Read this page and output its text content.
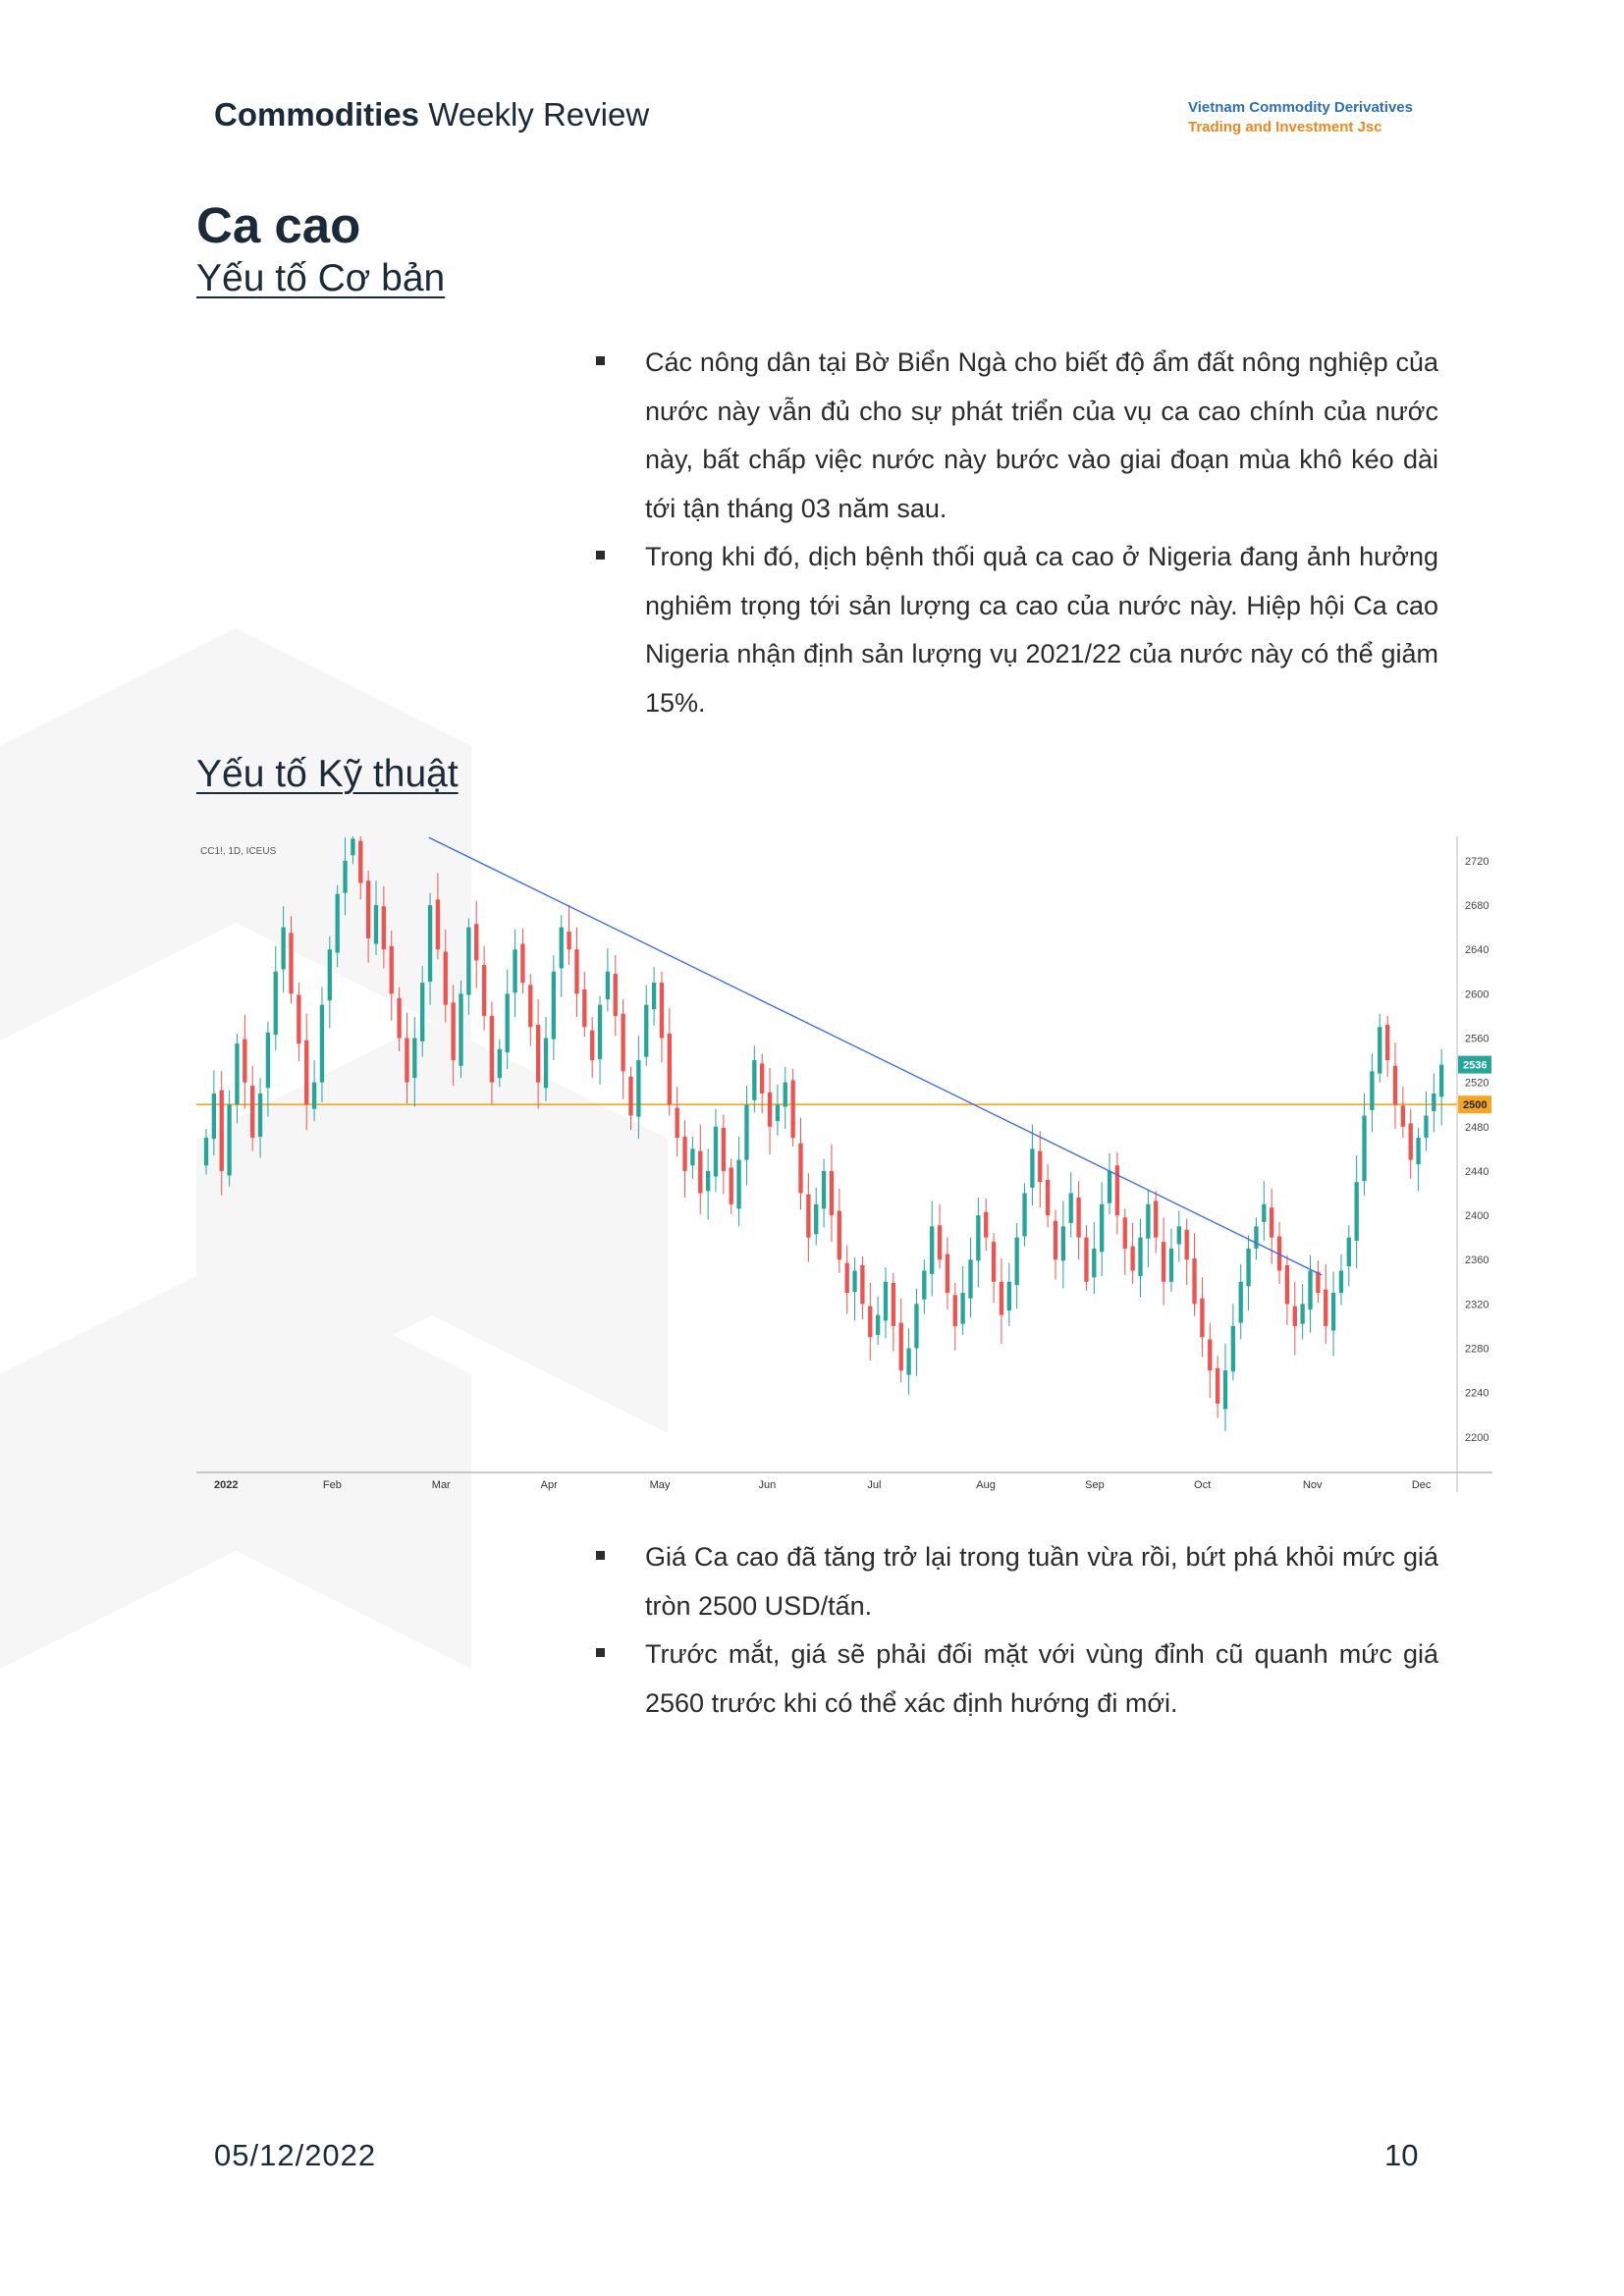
Commodities Weekly Review	Vietnam Commodity Derivatives
Trading and Investment Jsc
Ca cao
Yếu tố Cơ bản
Các nông dân tại Bờ Biển Ngà cho biết độ ẩm đất nông nghiệp của nước này vẫn đủ cho sự phát triển của vụ ca cao chính của nước này, bất chấp việc nước này bước vào giai đoạn mùa khô kéo dài tới tận tháng 03 năm sau.
Trong khi đó, dịch bệnh thối quả ca cao ở Nigeria đang ảnh hưởng nghiêm trọng tới sản lượng ca cao của nước này. Hiệp hội Ca cao Nigeria nhận định sản lượng vụ 2021/22 của nước này có thể giảm 15%.
Yếu tố Kỹ thuật
CC1!, 1D, ICEUS
2720
2680
2640
2600
2560
2520
2480
2440
2400
2360
2320
2280
2240
2200
2022	Feb	Mar	Apr	May	Jun	Jul	Aug	Sep	Oct	Nov	Dec
2536
2500
Giá Ca cao đã tăng trở lại trong tuần vừa rồi, bứt phá khỏi mức giá tròn 2500 USD/tấn.
Trước mắt, giá sẽ phải đối mặt với vùng đỉnh cũ quanh mức giá 2560 trước khi có thể xác định hướng đi mới.
05/12/2022	10
